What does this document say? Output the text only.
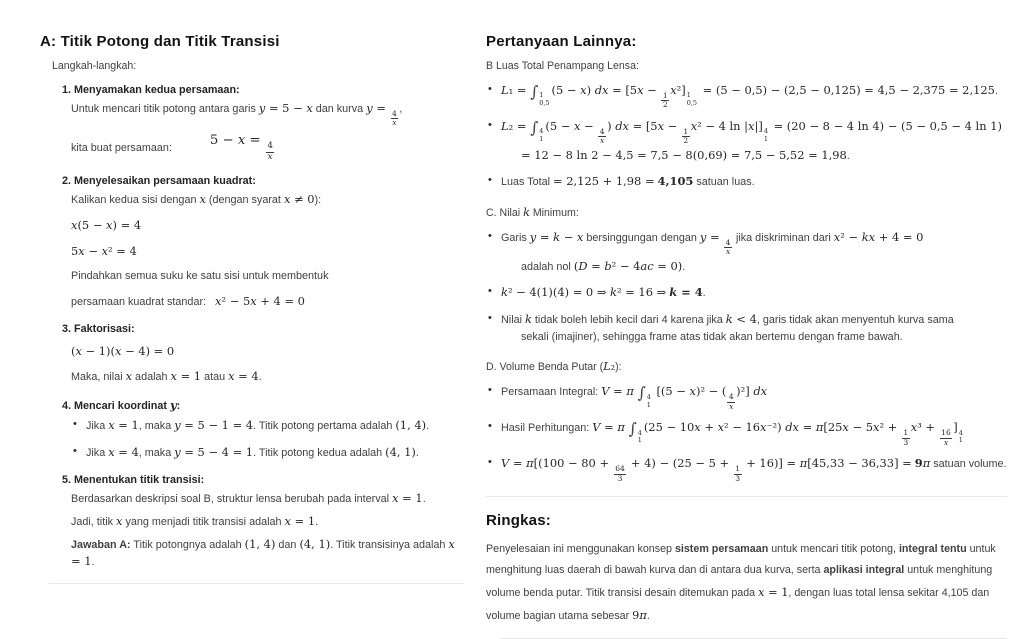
A: Titik Potong dan Titik Transisi
Langkah-langkah:
1. Menyamakan kedua persamaan:
Untuk mencari titik potong antara garis y = 5 − x dan kurva y =
$\frac{4}{x}$
,
kita buat persamaan:
5 − x =
$\frac{4}{x}$
2. Menyelesaikan persamaan kuadrat:
Kalikan kedua sisi dengan x (dengan syarat x ≠ 0):
x(5 − x) = 4
5x − x² = 4
Pindahkan semua suku ke satu sisi untuk membentuk
persamaan kuadrat standar:   x² − 5x + 4 = 0
3. Faktorisasi:
(x − 1)(x − 4) = 0
Maka, nilai x adalah x = 1 atau x = 4.
4. Mencari koordinat y:
• Jika x = 1, maka y = 5 − 1 = 4. Titik potong pertama adalah (1, 4).
• Jika x = 4, maka y = 5 − 4 = 1. Titik potong kedua adalah (4, 1).
5. Menentukan titik transisi:
Berdasarkan deskripsi soal B, struktur lensa berubah pada interval x = 1.
Jadi, titik x yang menjadi titik transisi adalah x = 1.
Jawaban A: Titik potongnya adalah (1, 4) dan (4, 1). Titik transisinya adalah x = 1.
Pertanyaan Lainnya:
B Luas Total Penampang Lensa:
• L₁ = ∫ 1
0,5
(5 − x) dx = [5x −
$\frac{1}{2}$
x²] 1
0,5
= (5 − 0,5) − (2,5 − 0,125) = 4,5 − 2,375 = 2,125.
• L₂ = ∫ 4
1
(5 − x −
$\frac{4}{x}$
) dx = [5x −
$\frac{1}{2}$
x² − 4 ln |x|] 4
1
= (20 − 8 − 4 ln 4) − (5 − 0,5 − 4 ln 1)
= 12 − 8 ln 2 − 4,5 = 7,5 − 8(0,69) = 7,5 − 5,52 = 1,98.
• Luas Total = 2,125 + 1,98 = 4,105 satuan luas.
C. Nilai k Minimum:
• Garis y = k − x bersinggungan dengan y =
$\frac{4}{x}$
jika diskriminan dari x² − kx + 4 = 0
adalah nol (D = b² − 4ac = 0).
• k² − 4(1)(4) = 0 ⇒ k² = 16 ⇒ k = 4.
• Nilai k tidak boleh lebih kecil dari 4 karena jika k < 4, garis tidak akan menyentuh kurva sama
sekali (imajiner), sehingga frame atas tidak akan bertemu dengan frame bawah.
D. Volume Benda Putar (L₂):
• Persamaan Integral: V = π ∫ 4
1
[(5 − x)² − (
$\frac{4}{x}$
)²] dx
• Hasil Perhitungan: V = π ∫ 4
1
(25 − 10x + x² − 16x⁻²) dx = π[25x − 5x² +
$\frac{1}{3}$
x³ +
$\frac{16}{x}$
] 4
1
• V = π[(100 − 80 +
$\frac{64}{3}$
+ 4) − (25 − 5 +
$\frac{1}{3}$
+ 16)] = π[45,33 − 36,33] = 9π satuan volume.
Ringkas:
Penyelesaian ini menggunakan konsep sistem persamaan untuk mencari titik potong, integral tentu untuk menghitung luas daerah di bawah kurva dan di antara dua kurva, serta aplikasi integral untuk menghitung volume benda putar. Titik transisi desain ditemukan pada x = 1, dengan luas total lensa sekitar 4,105 dan volume bagian utama sebesar 9π.
